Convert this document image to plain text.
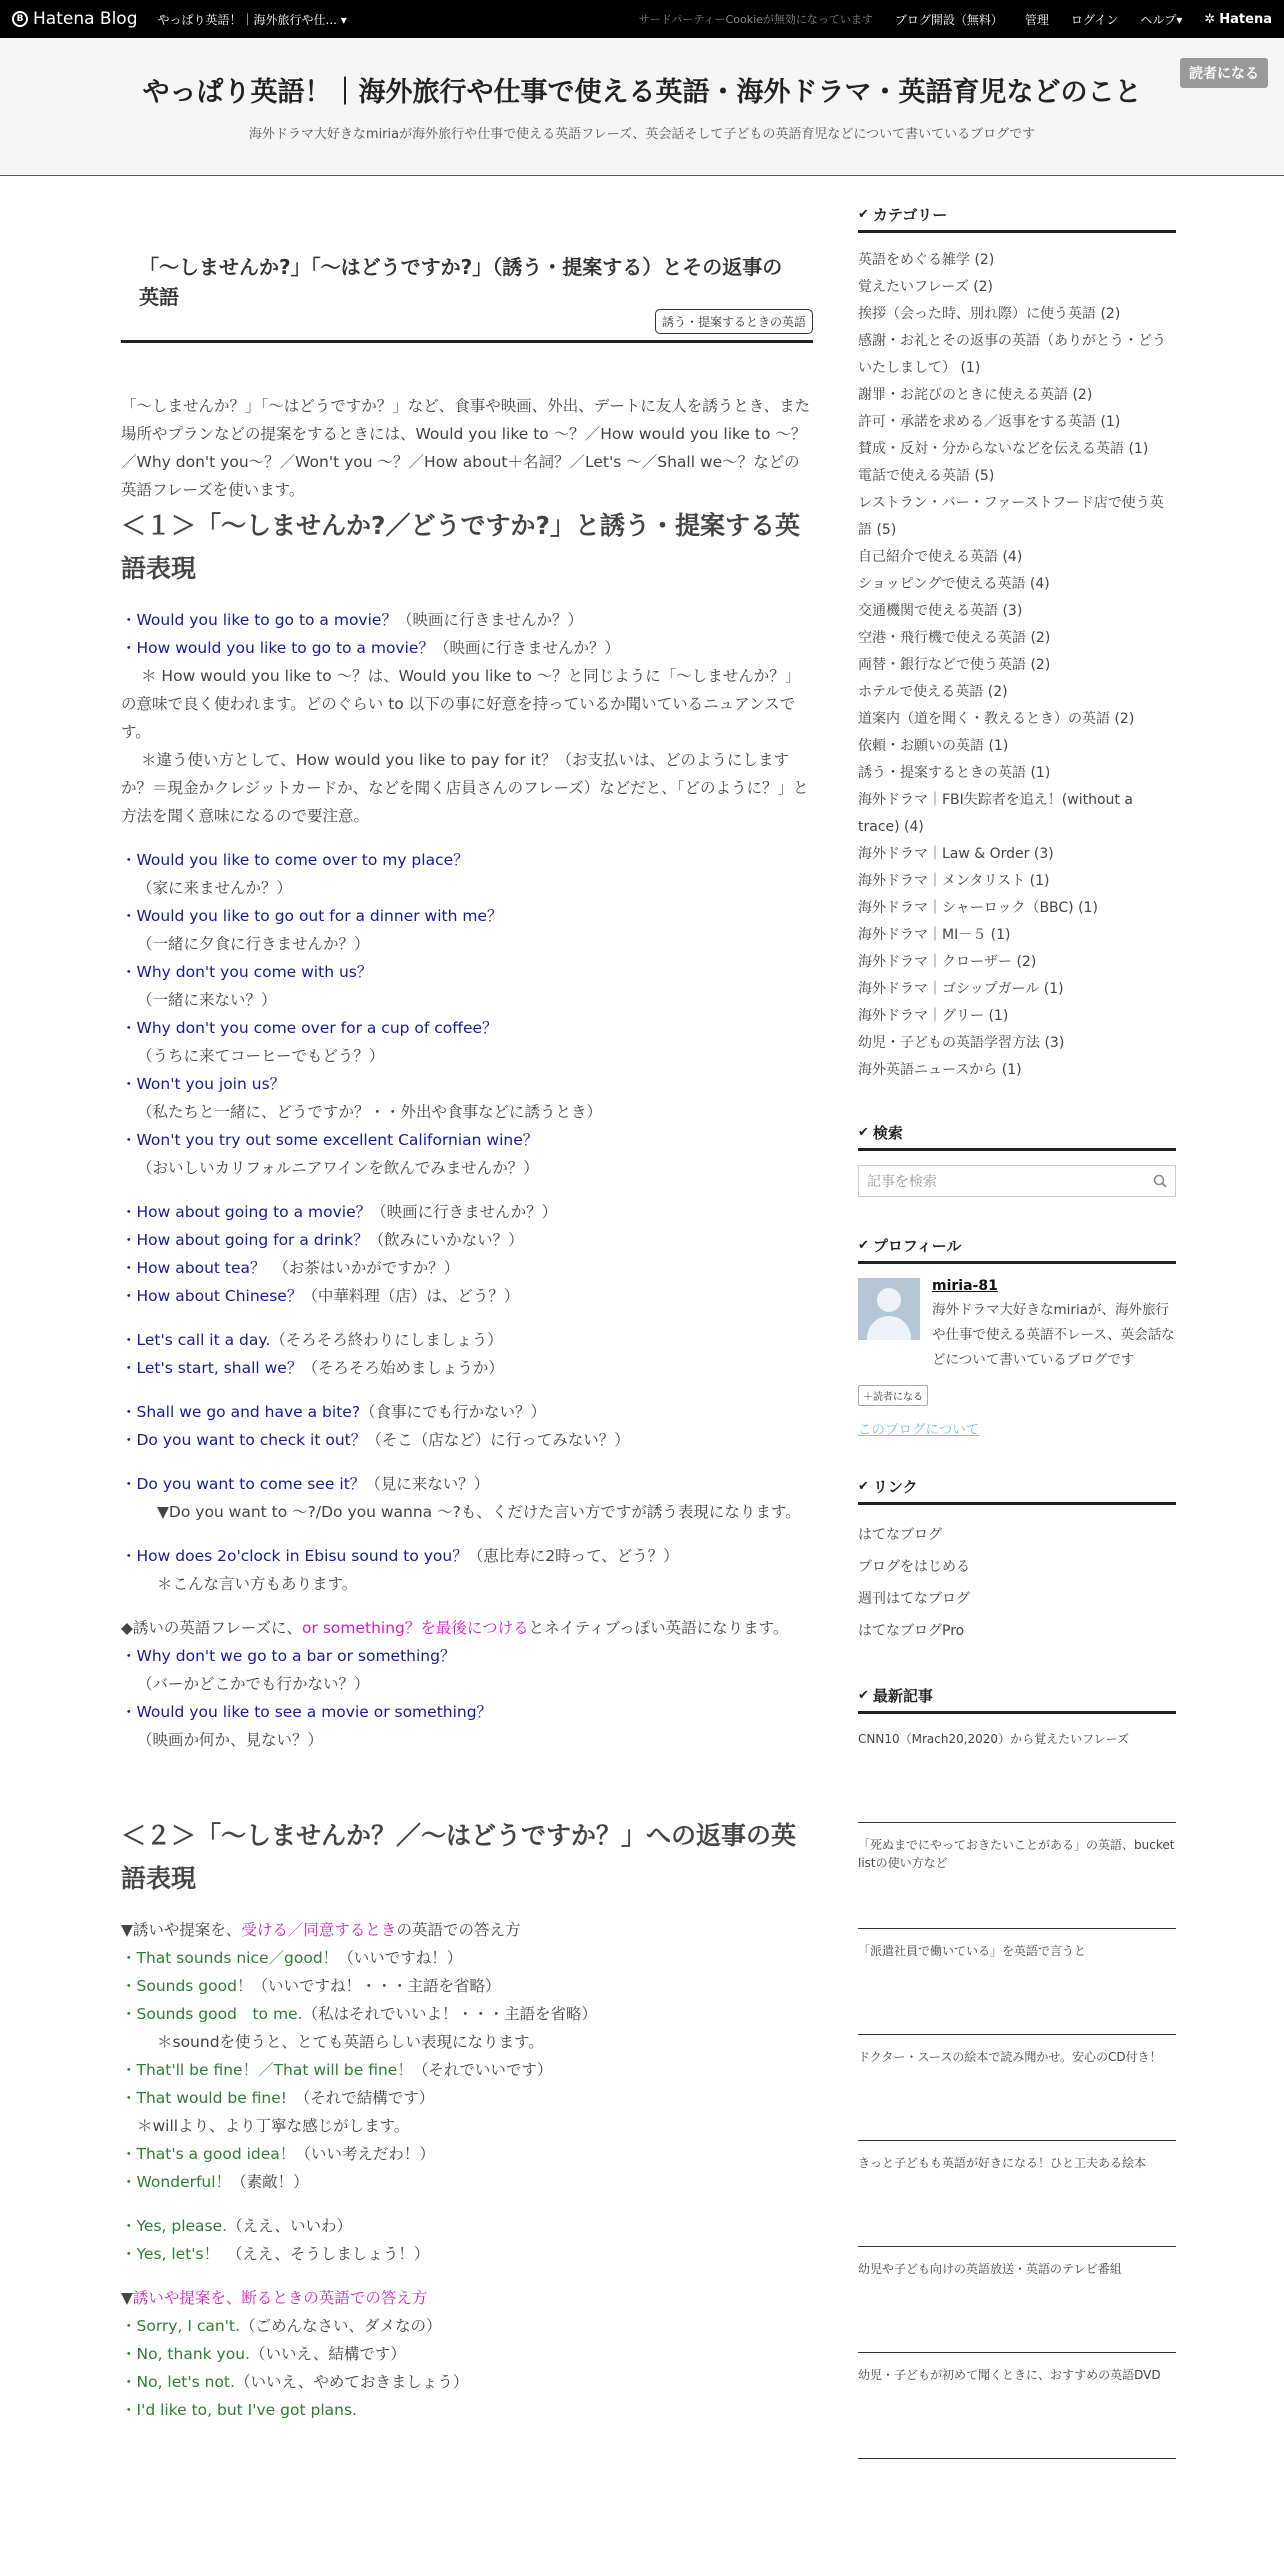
B Hatena Blog やっぱり英語！｜海外旅行や仕... ▾	サードパーティーCookieが無効になっています ブログ開設（無料） 管理 ログイン ヘルプ▾ ✲ Hatena
やっぱり英語！｜海外旅行や仕事で使える英語・海外ドラマ・英語育児などのこと
海外ドラマ大好きなmiriaが海外旅行や仕事で使える英語フレーズ、英会話そして子どもの英語育児などについて書いているブログです
読者になる
「～しませんか?」「～はどうですか?」（誘う・提案する）とその返事の英語
誘う・提案するときの英語

「～しませんか？」「～はどうですか？」など、食事や映画、外出、デートに友人を誘うとき、また場所やプランなどの提案をするときには、Would you like to ～？／How would you like to ～？／Why don't you～？／Won't you ～？／How about＋名詞？／Let's ～／Shall we～？などの英語フレーズを使います。

＜１＞「～しませんか?／どうですか?」と誘う・提案する英語表現

・Would you like to go to a movie？（映画に行きませんか？）

・How would you like to go to a movie？（映画に行きませんか？）

＊ How would you like to ～？は、Would you like to ～？と同じように「～しませんか？」の意味で良く使われます。どのぐらい to 以下の事に好意を持っているか聞いているニュアンスです。

＊違う使い方として、How would you like to pay for it？（お支払いは、どのようにしますか？＝現金かクレジットカードか、などを聞く店員さんのフレーズ）などだと、「どのように？」と方法を聞く意味になるので要注意。

・Would you like to come over to my place？

（家に来ませんか？）

・Would you like to go out for a dinner with me？

（一緒に夕食に行きませんか？）

・Why don't you come with us？

（一緒に来ない？）

・Why don't you come over for a cup of coffee？

（うちに来てコーヒーでもどう？）

・Won't you join us？

（私たちと一緒に、どうですか？・・外出や食事などに誘うとき）

・Won't you try out some excellent Californian wine？

（おいしいカリフォルニアワインを飲んでみませんか？）

・How about going to a movie？（映画に行きませんか？）

・How about going for a drink？（飲みにいかない？）

・How about tea？　（お茶はいかがですか？）

・How about Chinese？（中華料理（店）は、どう？）

・Let's call it a day.（そろそろ終わりにしましょう）

・Let's start, shall we？（そろそろ始めましょうか）

・Shall we go and have a bite?（食事にでも行かない？）

・Do you want to check it out？（そこ（店など）に行ってみない？）

・Do you want to come see it？（見に来ない？）

▼Do you want to ～?/Do you wanna ～?も、くだけた言い方ですが誘う表現になります。

・How does 2o'clock in Ebisu sound to you？（恵比寿に2時って、どう？）

＊こんな言い方もあります。

◆誘いの英語フレーズに、or something？を最後につけるとネイティブっぽい英語になります。

・Why don't we go to a bar or something？

（バーかどこかでも行かない？）

・Would you like to see a movie or something？

（映画か何か、見ない？）

＜２＞「～しませんか？／～はどうですか？」への返事の英語表現

▼誘いや提案を、受ける／同意するときの英語での答え方

・That sounds nice／good！（いいですね！）

・Sounds good！（いいですね！・・・主語を省略）

・Sounds good　to me.（私はそれでいいよ！・・・主語を省略）

＊soundを使うと、とても英語らしい表現になります。

・That'll be fine！／That will be fine！（それでいいです）

・That would be fine!　（それで結構です）

＊willより、より丁寧な感じがします。

・That's a good idea！（いい考えだわ！）

・Wonderful！（素敵！）

・Yes, please.（ええ、いいわ）

・Yes, let's！　（ええ、そうしましょう！）

▼誘いや提案を、断るときの英語での答え方

・Sorry, I can't.（ごめんなさい、ダメなの）

・No, thank you.（いいえ、結構です）

・No, let's not.（いいえ、やめておきましょう）

・I'd like to, but I've got plans.

✔ カテゴリー
英語をめぐる雑学 (2)
覚えたいフレーズ (2)
挨拶（会った時、別れ際）に使う英語 (2)
感謝・お礼とその返事の英語（ありがとう・どういたしまして） (1)
謝罪・お詫びのときに使える英語 (2)
許可・承諾を求める／返事をする英語 (1)
賛成・反対・分からないなどを伝える英語 (1)
電話で使える英語 (5)
レストラン・バー・ファーストフード店で使う英語 (5)
自己紹介で使える英語 (4)
ショッピングで使える英語 (4)
交通機関で使える英語 (3)
空港・飛行機で使える英語 (2)
両替・銀行などで使う英語 (2)
ホテルで使える英語 (2)
道案内（道を聞く・教えるとき）の英語 (2)
依頼・お願いの英語 (1)
誘う・提案するときの英語 (1)
海外ドラマ｜FBI失踪者を追え！(without a trace) (4)
海外ドラマ｜Law & Order (3)
海外ドラマ｜メンタリスト (1)
海外ドラマ｜シャーロック（BBC) (1)
海外ドラマ｜MI－５ (1)
海外ドラマ｜クローザー (2)
海外ドラマ｜ゴシップガール (1)
海外ドラマ｜グリー (1)
幼児・子どもの英語学習方法 (3)
海外英語ニュースから (1)
✔ 検索
記事を検索
✔ プロフィール
miria-81
海外ドラマ大好きなmiriaが、海外旅行や仕事で使える英語不レース、英会話などについて書いているブログです
＋読者になる
このブログについて
✔ リンク
はてなブログ
ブログをはじめる
週刊はてなブログ
はてなブログPro
✔ 最新記事
CNN10（Mrach20,2020）から覚えたいフレーズ
「死ぬまでにやっておきたいことがある」の英語、bucket listの使い方など
「派遣社員で働いている」を英語で言うと
ドクター・スースの絵本で読み聞かせ。安心のCD付き！
きっと子どもも英語が好きになる！ひと工夫ある絵本
幼児や子ども向けの英語放送・英語のテレビ番組
幼児・子どもが初めて聞くときに、おすすめの英語DVD
